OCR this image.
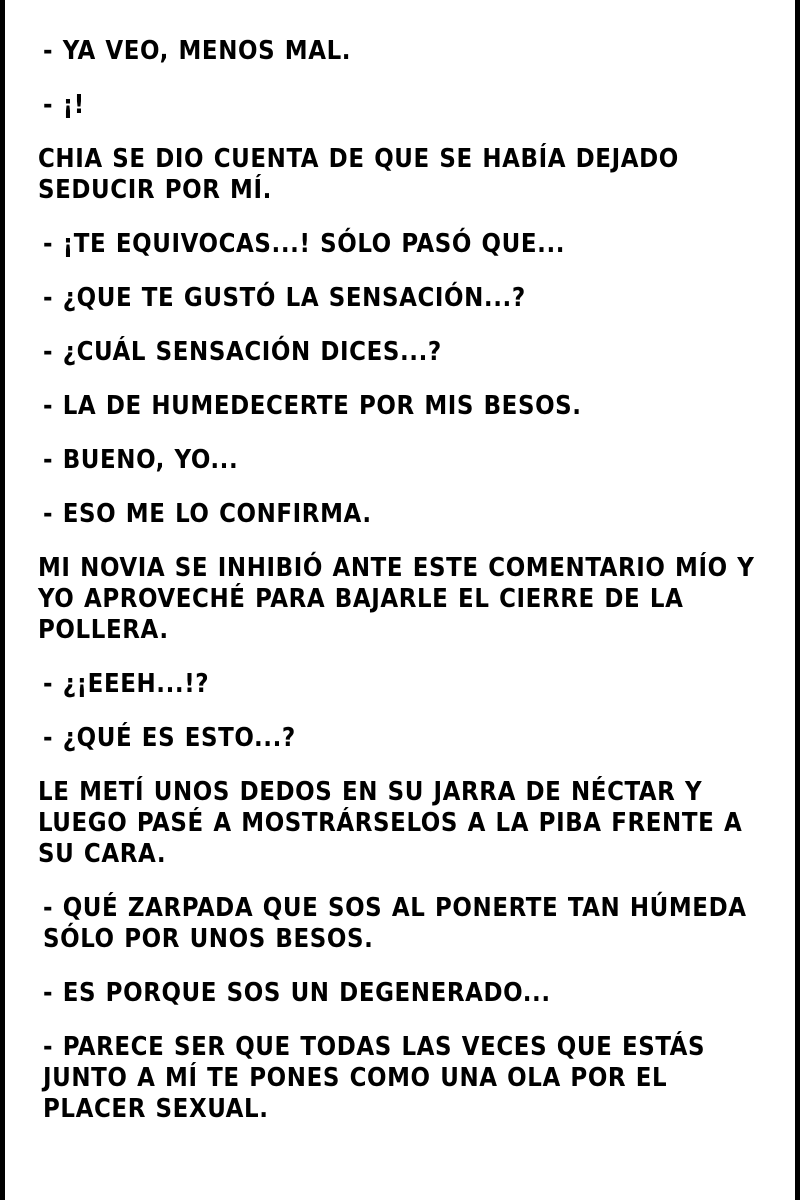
- YA VEO, MENOS MAL.

- ¡!

CHIA SE DIO CUENTA DE QUE SE HABÍA DEJADO SEDUCIR POR MÍ.

- ¡TE EQUIVOCAS...! SÓLO PASÓ QUE...

- ¿QUE TE GUSTÓ LA SENSACIÓN...?

- ¿CUÁL SENSACIÓN DICES...?

- LA DE HUMEDECERTE POR MIS BESOS.

- BUENO, YO...

- ESO ME LO CONFIRMA.

MI NOVIA SE INHIBIÓ ANTE ESTE COMENTARIO MÍO Y YO APROVECHÉ PARA BAJARLE EL CIERRE DE LA POLLERA.

- ¿¡EEEH...!?

- ¿QUÉ ES ESTO...?

LE METÍ UNOS DEDOS EN SU JARRA DE NÉCTAR Y LUEGO PASÉ A MOSTRÁRSELOS A LA PIBA FRENTE A SU CARA.

- QUÉ ZARPADA QUE SOS AL PONERTE TAN HÚMEDA SÓLO POR UNOS BESOS.

- ES PORQUE SOS UN DEGENERADO...

- PARECE SER QUE TODAS LAS VECES QUE ESTÁS JUNTO A MÍ TE PONES COMO UNA OLA POR EL PLACER SEXUAL.
